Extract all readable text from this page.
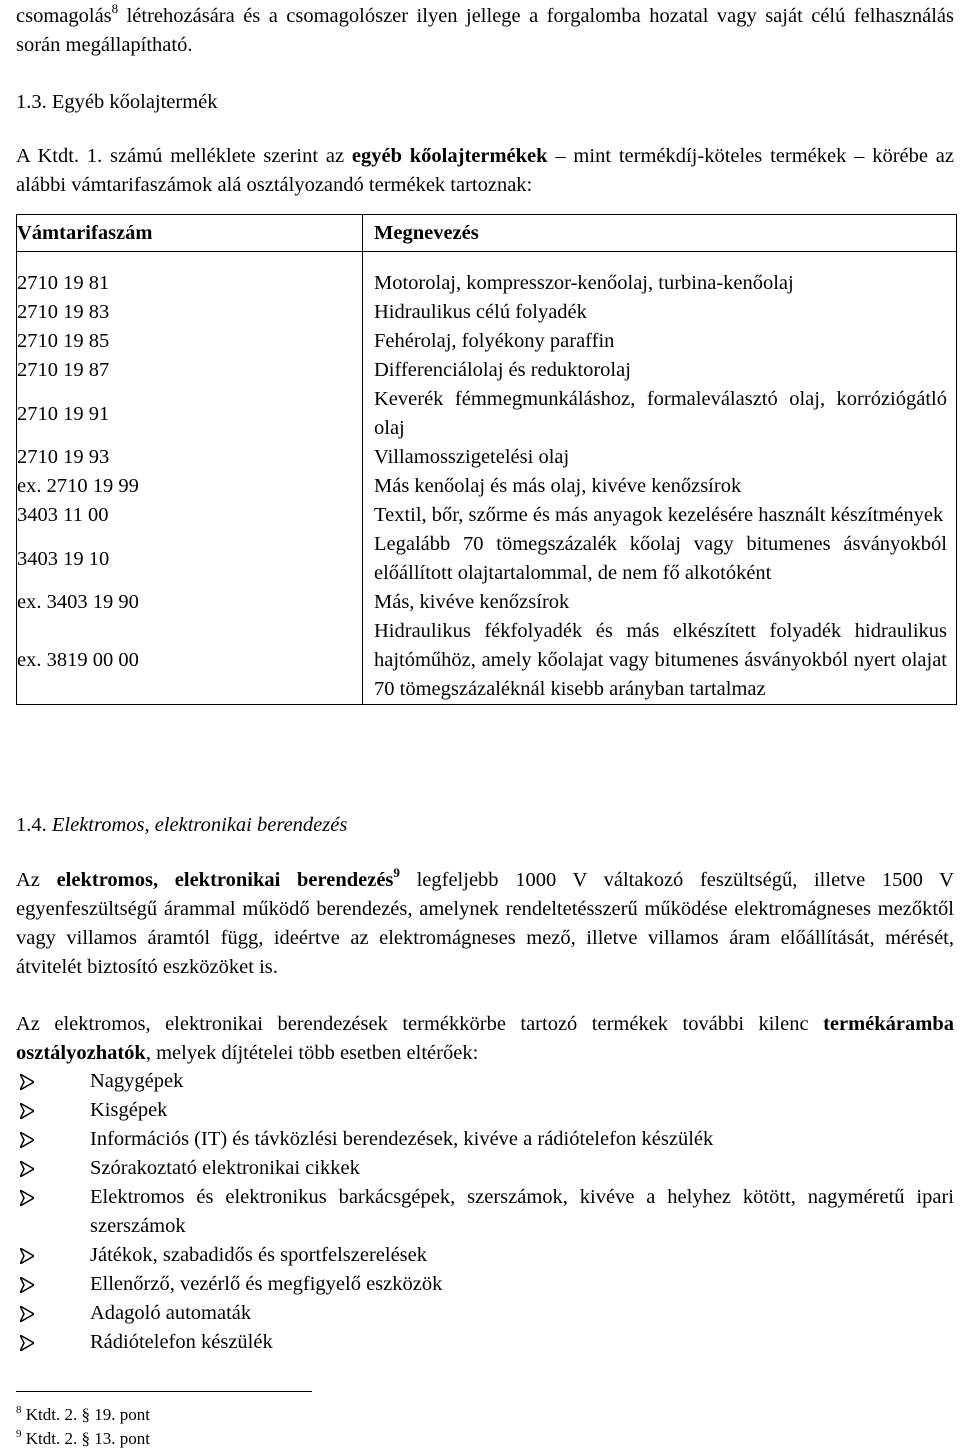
csomagolás$^8$ létrehozására és a csomagolószer ilyen jellege a forgalomba hozatal vagy saját célú felhasználás során megállapítható.

1.3. Egyéb kőolajtermék

A Ktdt. 1. számú melléklete szerint az egyéb kőolajtermékek – mint termékdíj-köteles termékek – körébe az alábbi vámtarifaszámok alá osztályozandó termékek tartoznak:

Vámtarifaszám	Megnevezés

2710 19 81	Motorolaj, kompresszor-kenőolaj, turbina-kenőolaj
2710 19 83	Hidraulikus célú folyadék
2710 19 85	Fehérolaj, folyékony paraffin
2710 19 87	Differenciálolaj és reduktorolaj
2710 19 91	Keverék fémmegmunkáláshoz, formaleválasztó olaj, korróziógátló olaj
2710 19 93	Villamosszigetelési olaj
ex. 2710 19 99	Más kenőolaj és más olaj, kivéve kenőzsírok
3403 11 00	Textil, bőr, szőrme és más anyagok kezelésére használt készítmények
3403 19 10	Legalább 70 tömegszázalék kőolaj vagy bitumenes ásványokból előállított olajtartalommal, de nem fő alkotóként
ex. 3403 19 90	Más, kivéve kenőzsírok
ex. 3819 00 00	Hidraulikus fékfolyadék és más elkészített folyadék hidraulikus hajtóműhöz, amely kőolajat vagy bitumenes ásványokból nyert olajat 70 tömegszázaléknál kisebb arányban tartalmaz

1.4. Elektromos, elektronikai berendezés

Az elektromos, elektronikai berendezés$^9$ legfeljebb 1000 V váltakozó feszültségű, illetve 1500 V egyenfeszültségű árammal működő berendezés, amelynek rendeltetésszerű működése elektromágneses mezőktől vagy villamos áramtól függ, ideértve az elektromágneses mező, illetve villamos áram előállítását, mérését, átvitelét biztosító eszközöket is.

Az elektromos, elektronikai berendezések termékkörbe tartozó termékek további kilenc termékáramba osztályozhatók, melyek díjtételei több esetben eltérőek:

Nagygépek
Kisgépek
Információs (IT) és távközlési berendezések, kivéve a rádiótelefon készülék
Szórakoztató elektronikai cikkek
Elektromos és elektronikus barkácsgépek, szerszámok, kivéve a helyhez kötött, nagyméretű ipari szerszámok
Játékok, szabadidős és sportfelszerelések
Ellenőrző, vezérlő és megfigyelő eszközök
Adagoló automaták
Rádiótelefon készülék
$^8$ Ktdt. 2. § 19. pont
$^9$ Ktdt. 2. § 13. pont
